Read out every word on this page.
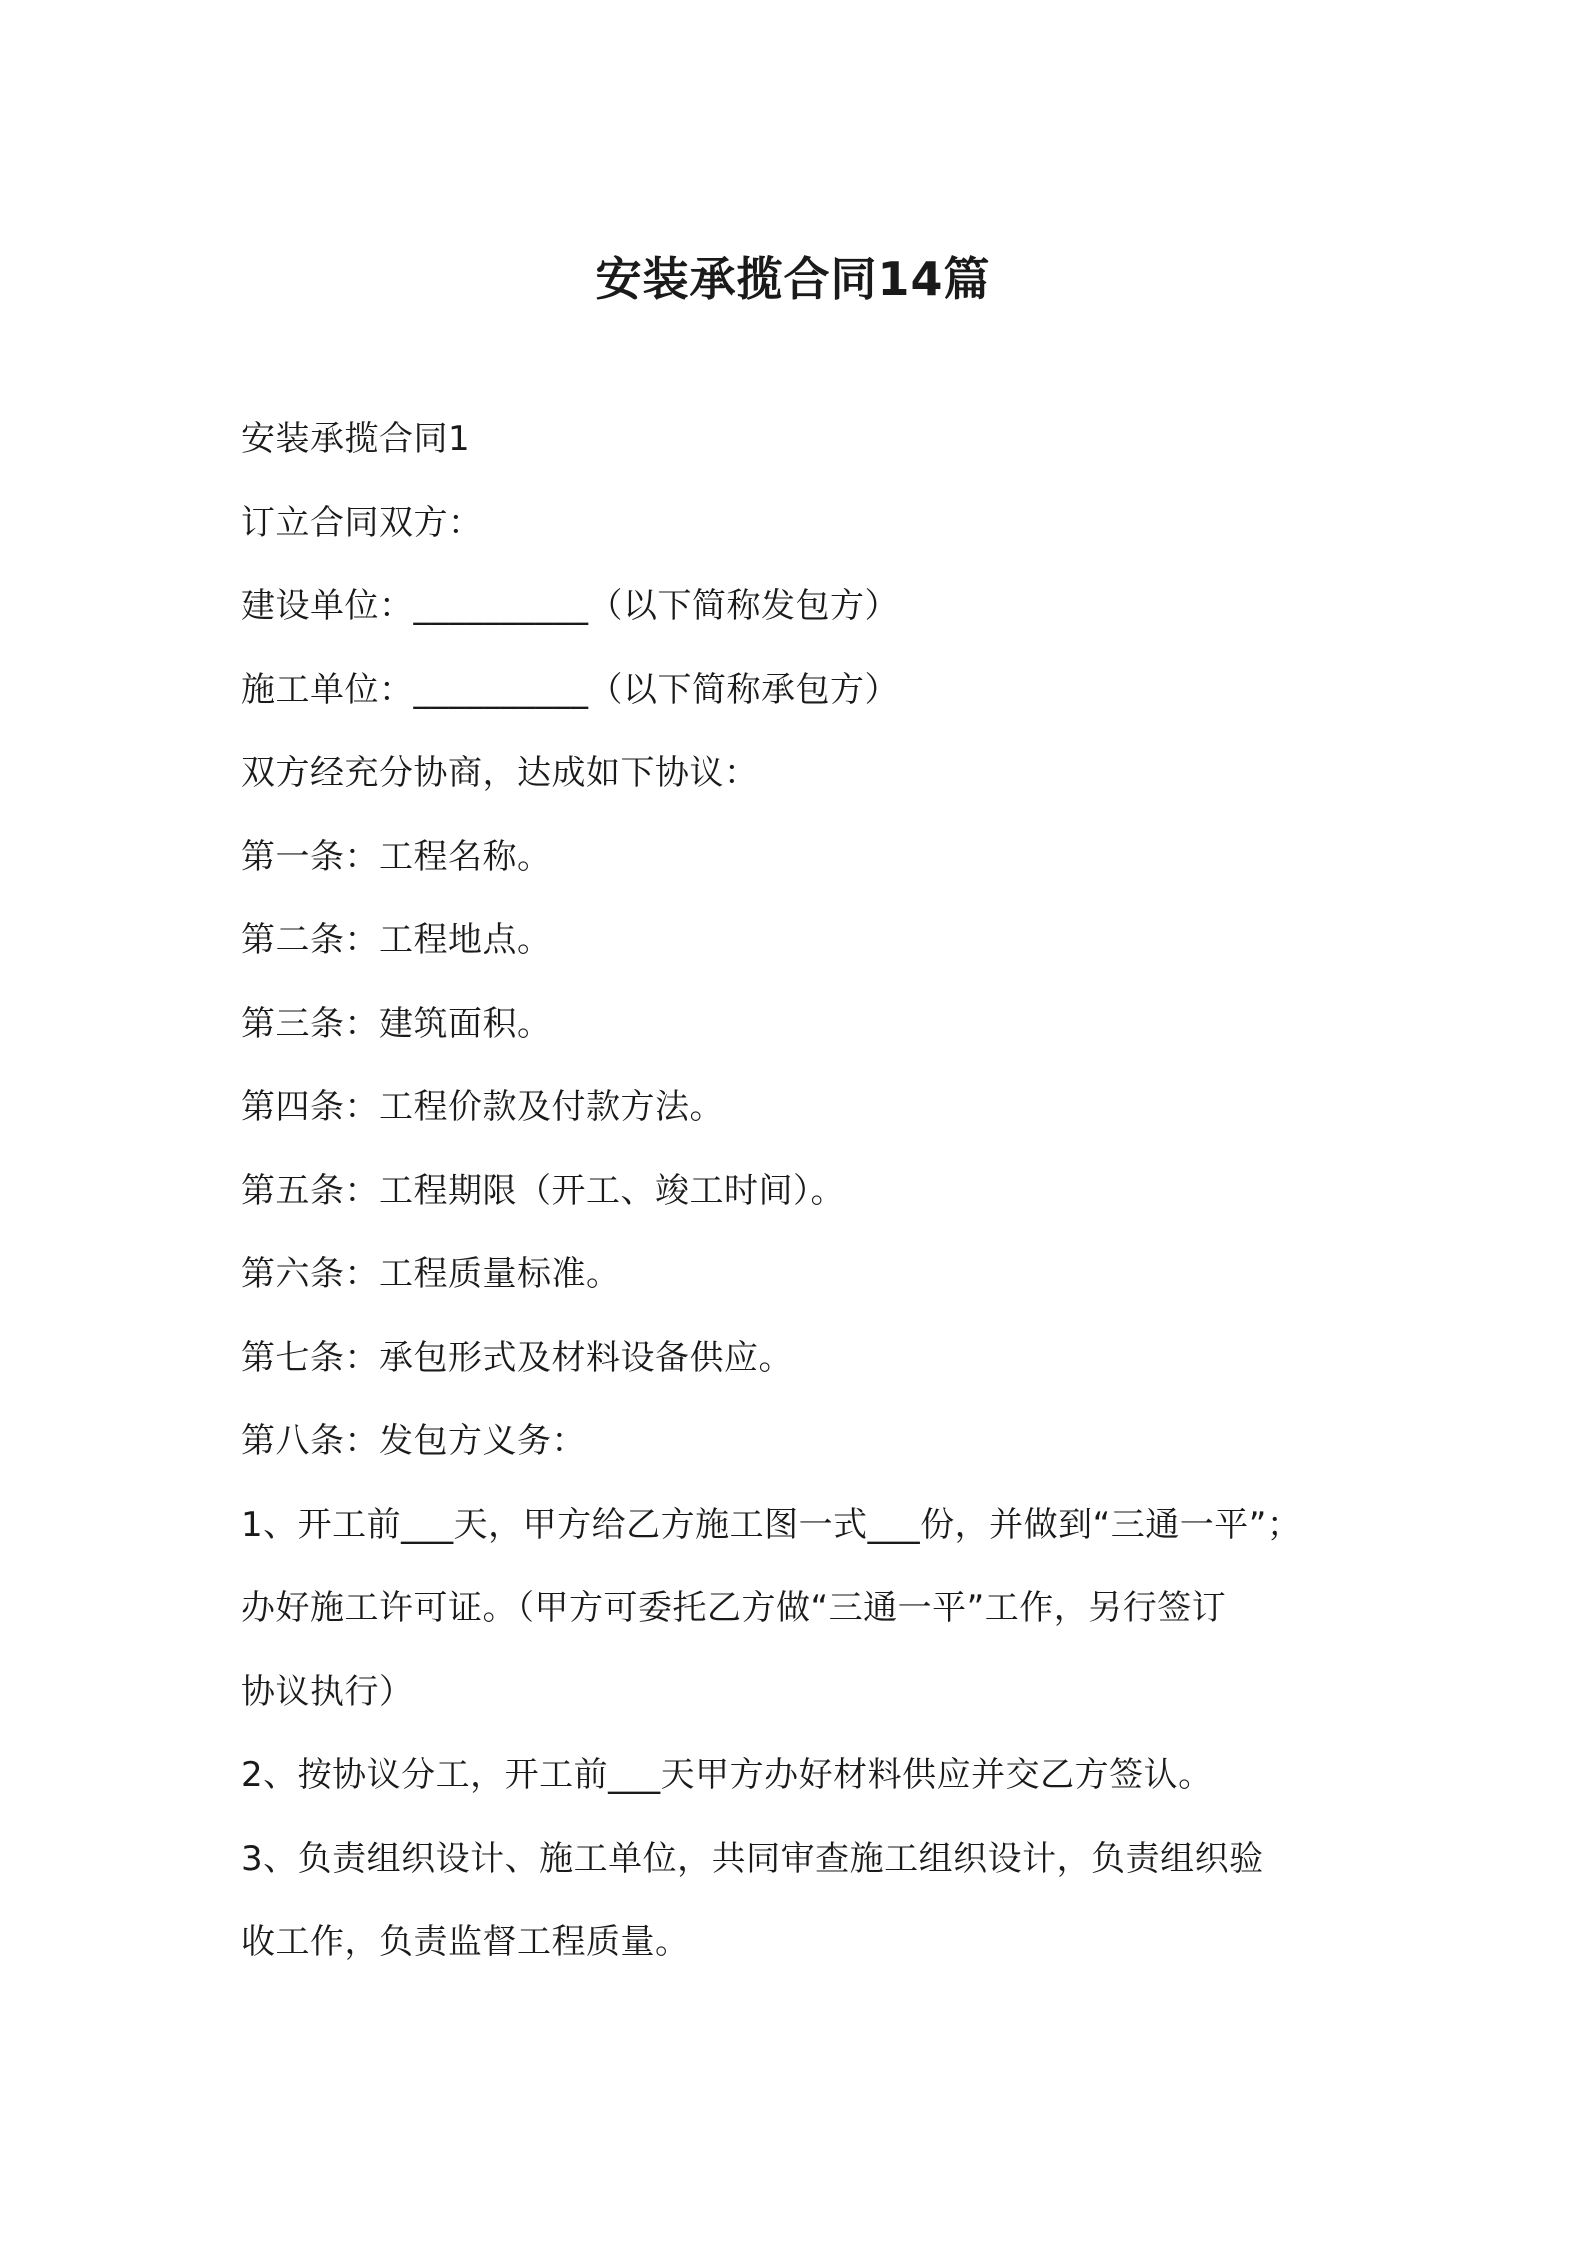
安装承揽合同14篇

安装承揽合同1

订立合同双方：

建设单位：__________（以下简称发包方）

施工单位：__________（以下简称承包方）

双方经充分协商，达成如下协议：

第一条：工程名称。

第二条：工程地点。

第三条：建筑面积。

第四条：工程价款及付款方法。

第五条：工程期限（开工、竣工时间）。

第六条：工程质量标准。

第七条：承包形式及材料设备供应。

第八条：发包方义务：

1、开工前___天，甲方给乙方施工图一式___份，并做到“三通一平”；

办好施工许可证。（甲方可委托乙方做“三通一平”工作，另行签订

协议执行）

2、按协议分工，开工前___天甲方办好材料供应并交乙方签认。

3、负责组织设计、施工单位，共同审查施工组织设计，负责组织验

收工作，负责监督工程质量。
